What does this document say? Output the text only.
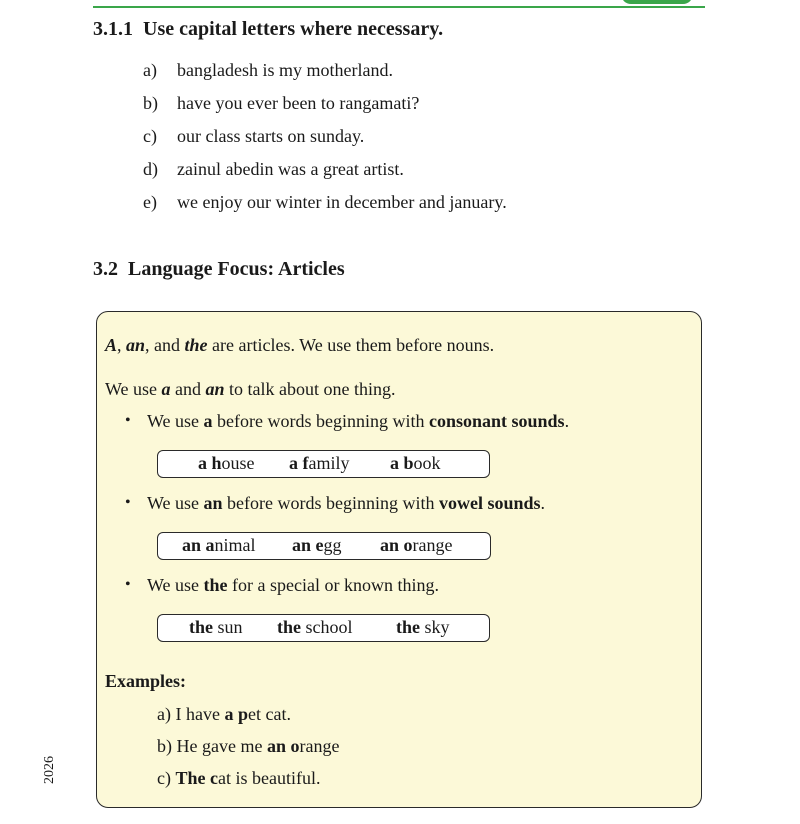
3.1.1 Use capital letters where necessary.
a) bangladesh is my motherland.
b) have you ever been to rangamati?
c) our class starts on sunday.
d) zainul abedin was a great artist.
e) we enjoy our winter in december and january.
3.2 Language Focus: Articles
A, an, and the are articles. We use them before nouns.
We use a and an to talk about one thing.
• We use a before words beginning with consonant sounds.
a house a family a book
• We use an before words beginning with vowel sounds.
an animal an egg an orange
• We use the for a special or known thing.
the sun the school the sky
Examples:
a) I have a pet cat.
b) He gave me an orange
c) The cat is beautiful.
2026
